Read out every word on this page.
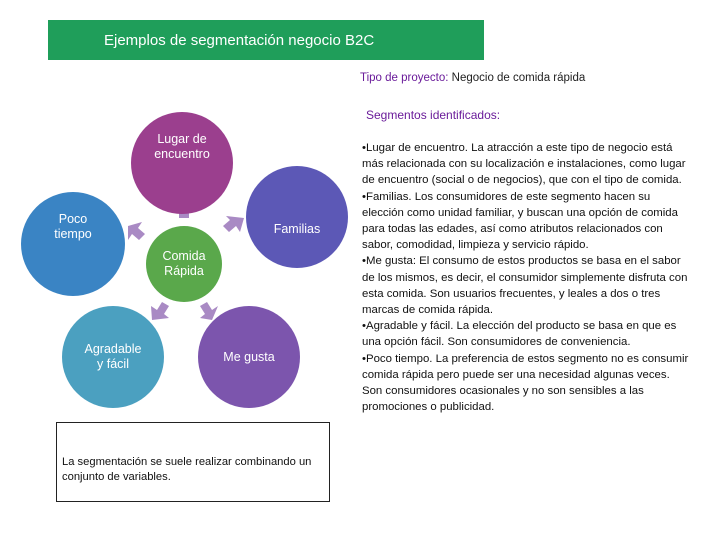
Ejemplos de segmentación negocio B2C
Tipo de proyecto: Negocio de comida rápida
Segmentos identificados:
Lugar de
encuentro
Poco
tiempo	Familias
Comida
Rápida
Agradable
y fácil
Me gusta
La segmentación se suele realizar combinando un conjunto de variables.

•Lugar de encuentro. La atracción a este tipo de negocio está más relacionada con su localización e instalaciones, como lugar de encuentro (social o de negocios), que con el tipo de comida.

•Familias. Los consumidores de este segmento hacen su elección como unidad familiar, y buscan una opción de comida para todas las edades, así como atributos relacionados con sabor, comodidad, limpieza y servicio rápido.

•Me gusta: El consumo de estos productos se basa en el sabor de los mismos, es decir, el consumidor simplemente disfruta con esta comida. Son usuarios frecuentes, y leales a dos o tres marcas de comida rápida.

•Agradable y fácil. La elección del producto se basa en que es una opción fácil. Son consumidores de conveniencia.

•Poco tiempo. La preferencia de estos segmento no es consumir comida rápida pero puede ser una necesidad algunas veces. Son consumidores ocasionales y no son sensibles a las promociones o publicidad.
